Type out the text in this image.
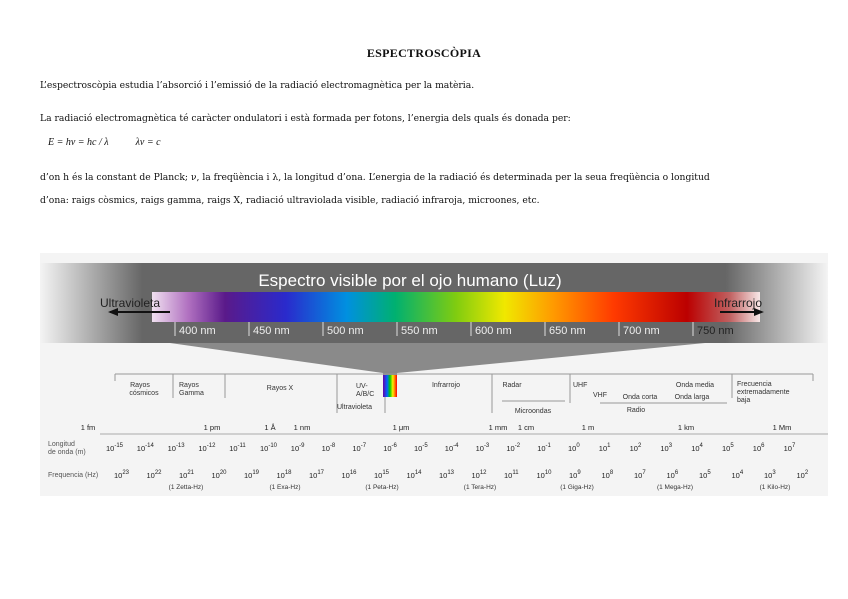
ESPECTROSCÒPIA
L’espectroscòpia estudia l’absorció i l’emissió de la radiació electromagnètica per la matèria.
La radiació electromagnètica té caràcter ondulatori i està formada per fotons, l’energia dels quals és donada per:
E = hν = hc / λ	λν = c
d’on h és la constant de Planck; ν, la freqüència i λ, la longitud d’ona. L’energia de la radiació és determinada per la seua freqüència o longitud
d’ona: raigs còsmics, raigs gamma, raigs X, radiació ultraviolada visible, radiació infraroja, microones, etc.
Espectro visible por el ojo humano (Luz)
Ultravioleta	Infrarrojo
400 nm	450 nm	500 nm	550 nm	600 nm	650 nm	700 nm	750 nm
Rayos
cósmicos
Rayos
Gamma
Rayos X	UV-
A/B/C
Ultravioleta
Infrarrojo	Radar
Microondas
UHF
VHF Onda corta
Onda media
Onda larga
Radio
Frecuencia
extremadamente
baja
1 fm	1 pm	1 Å 1 nm	1 μm	1 mm 1 cm	1 m	1 km	1 Mm
Longitud
de onda (m)
Frequencia (Hz)
$10^{-15}$ $10^{-14}$ $10^{-13}$ $10^{-12}$ $10^{-11}$ $10^{-10}$ $10^{-9}$ $10^{-8}$ $10^{-7}$ $10^{-6}$ $10^{-5}$ $10^{-4}$ $10^{-3}$ $10^{-2}$ $10^{-1}$ $10^0$	$10^1$	$10^2$	$10^3$	$10^4$	$10^5$	$10^6$	$10^7$
$10^{23}$ $10^{22}$ $10^{21}$ $10^{20}$ $10^{19}$ $10^{18}$ $10^{17}$ $10^{16}$ $10^{15}$ $10^{14}$ $10^{13}$ $10^{12}$ $10^{11}$ $10^{10}$ $10^9$	$10^8$	$10^7$	$10^6$	$10^5$	$10^4$	$10^3$	$10^2$
(1 Zetta-Hz)	(1 Exa-Hz)	(1 Peta-Hz)	(1 Tera-Hz)	(1 Giga-Hz)	(1 Mega-Hz)	(1 Kilo-Hz)
